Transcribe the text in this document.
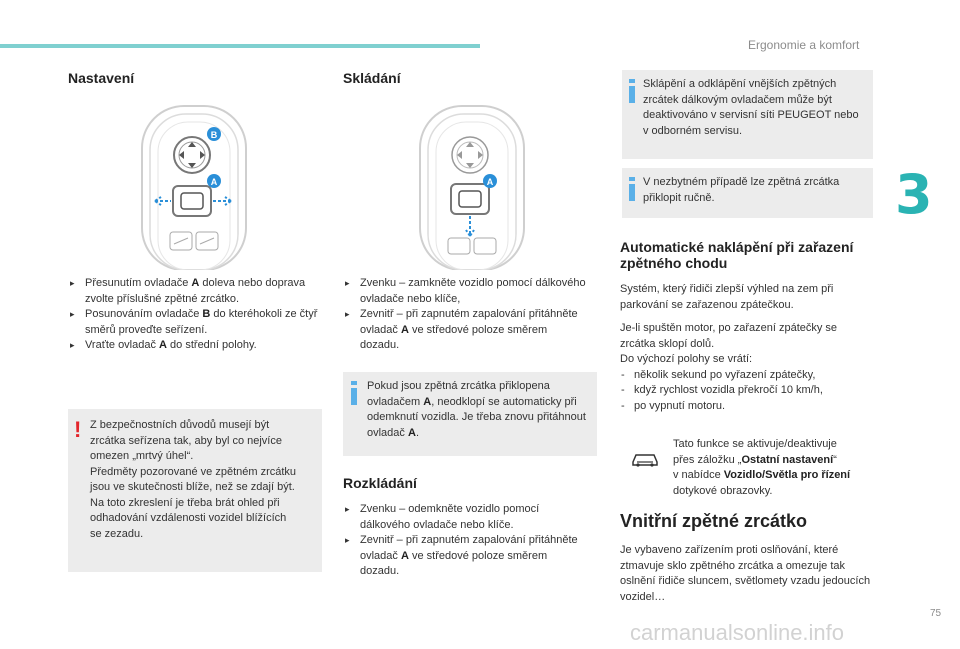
Ergonomie a komfort
3
Nastavení
B
A
▸ Přesunutím ovladače A doleva nebo doprava zvolte příslušné zpětné zrcátko.
▸ Posunováním ovladače B do kteréhokoli ze čtyř směrů proveďte seřízení.
▸ Vraťte ovladač A do střední polohy.
! Z bezpečnostních důvodů musejí být

zrcátka seřízena tak, aby byl co nejvíce

omezen „mrtvý úhel“.

Předměty pozorované ve zpětném zrcátku

jsou ve skutečnosti blíže, než se zdají být.

Na toto zkreslení je třeba brát ohled při

odhadování vzdálenosti vozidel blížících

se zezadu.

Skládání
A
▸ Zvenku – zamkněte vozidlo pomocí dálkového ovladače nebo klíče,
▸ Zevnitř – při zapnutém zapalování přitáhněte ovladač A ve středové poloze směrem dozadu.

Pokud jsou zpětná zrcátka přiklopena ovladačem A, neodklopí se automaticky při odemknutí vozidla. Je třeba znovu přitáhnout ovladač A.

Rozkládání
▸ Zvenku – odemkněte vozidlo pomocí dálkového ovladače nebo klíče.
▸ Zevnitř – při zapnutém zapalování přitáhněte ovladač A ve středové poloze směrem dozadu.

Sklápění a odklápění vnějších zpětných zrcátek dálkovým ovladačem může být deaktivováno v servisní síti PEUGEOT nebo v odborném servisu.

V nezbytném případě lze zpětná zrcátka přiklopit ručně.

Automatické naklápění při zařazení zpětného chodu

Systém, který řidiči zlepší výhled na zem při parkování se zařazenou zpátečkou.

Je-li spuštěn motor, po zařazení zpátečky se zrcátka sklopí dolů.

Do výchozí polohy se vrátí:

- několik sekund po vyřazení zpátečky,
- když rychlost vozidla překročí 10 km/h,
- po vypnutí motoru.

Tato funkce se aktivuje/deaktivuje

přes záložku „Ostatní nastavení“

v nabídce Vozidlo/Světla pro řízení

dotykové obrazovky.

Vnitřní zpětné zrcátko

Je vybaveno zařízením proti oslňování, které ztmavuje sklo zpětného zrcátka a omezuje tak oslnění řidiče sluncem, světlomety vzadu jedoucích vozidel…

75
carmanualsonline.info
